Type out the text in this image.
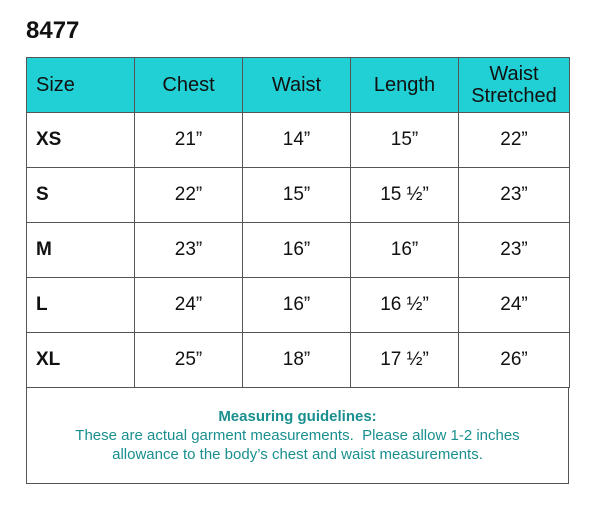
8477
Size	Chest	Waist	Length	Waist
Stretched
XS	21”	14”	15”	22”
S	22”	15”	15 ½”	23”
M	23”	16”	16”	23”
L	24”	16”	16 ½”	24”
XL	25”	18”	17 ½”	26”
Measuring guidelines:
These are actual garment measurements.  Please allow 1-2 inches
allowance to the body’s chest and waist measurements.
